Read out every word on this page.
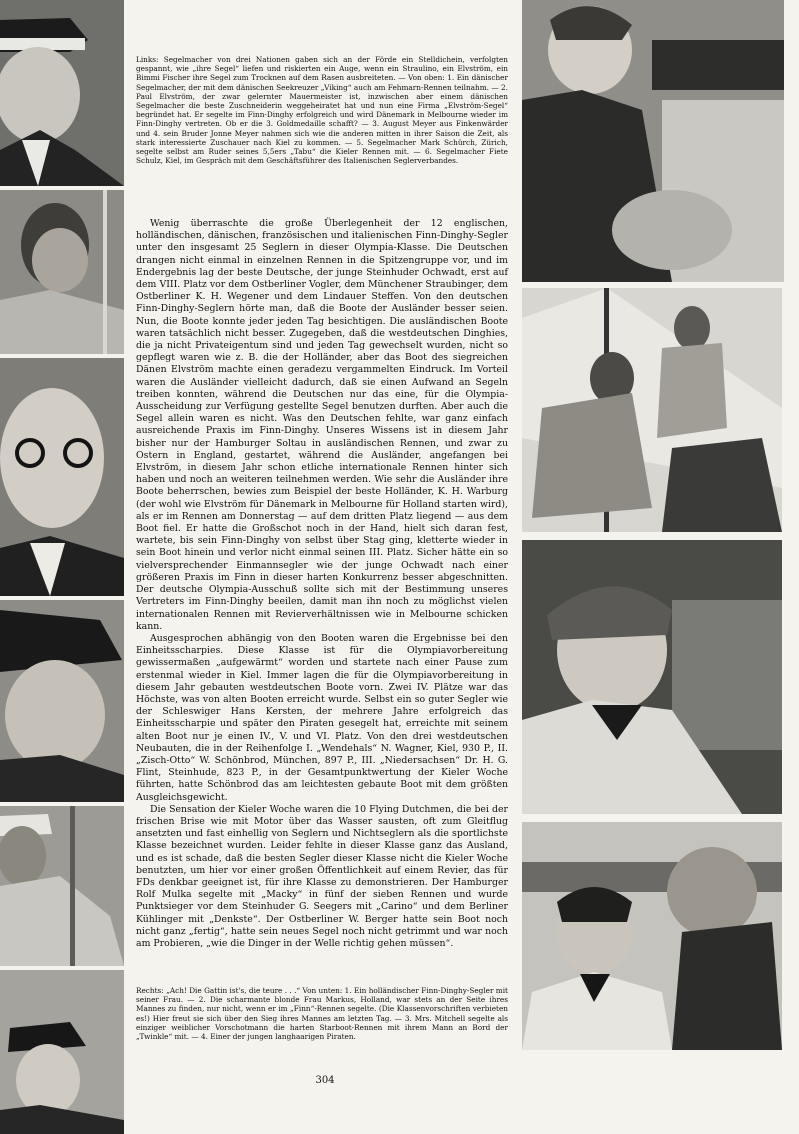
Links: Segelmacher von drei Nationen gaben sich an der Förde ein Stelldichein, verfolgten gespannt, wie „ihre Segel“ liefen und riskierten ein Auge, wenn ein Straulino, ein Elvström, ein Bimmi Fischer ihre Segel zum Trocknen auf dem Rasen ausbreiteten. — Von oben: 1. Ein dänischer Segelmacher, der mit dem dänischen Seekreuzer „Viking“ auch am Fehmarn-Rennen teilnahm. — 2. Paul Elvström, der zwar gelernter Mauermeister ist, inzwischen aber einem dänischen Segelmacher die beste Zuschneiderin weggeheiratet hat und nun eine Firma „Elvström-Segel“ begründet hat. Er segelte im Finn-Dinghy erfolgreich und wird Dänemark in Melbourne wieder im Finn-Dinghy vertreten. Ob er die 3. Goldmedaille schafft? — 3. August Meyer aus Finkenwärder und 4. sein Bruder Jonne Meyer nahmen sich wie die anderen mitten in ihrer Saison die Zeit, als stark interessierte Zuschauer nach Kiel zu kommen. — 5. Segelmacher Mark Schürch, Zürich, segelte selbst am Ruder seines 5,5ers „Tabu“ die Kieler Rennen mit. — 6. Segelmacher Fiete Schulz, Kiel, im Gespräch mit dem Geschäftsführer des Italienischen Seglerverbandes.

Wenig überraschte die große Überlegenheit der 12 englischen, holländischen, dänischen, französischen und italienischen Finn-Dinghy-Segler unter den insgesamt 25 Seglern in dieser Olympia-Klasse. Die Deutschen drangen nicht einmal in einzelnen Rennen in die Spitzengruppe vor, und im Endergebnis lag der beste Deutsche, der junge Steinhuder Ochwadt, erst auf dem VIII. Platz vor dem Ostberliner Vogler, dem Münchener Straubinger, dem Ostberliner K. H. Wegener und dem Lindauer Steffen. Von den deutschen Finn-Dinghy-Seglern hörte man, daß die Boote der Ausländer besser seien. Nun, die Boote konnte jeder jeden Tag besichtigen. Die ausländischen Boote waren tatsächlich nicht besser. Zugegeben, daß die westdeutschen Dinghies, die ja nicht Privateigentum sind und jeden Tag gewechselt wurden, nicht so gepflegt waren wie z. B. die der Holländer, aber das Boot des siegreichen Dänen Elvström machte einen geradezu vergammelten Eindruck. Im Vorteil waren die Ausländer vielleicht dadurch, daß sie einen Aufwand an Segeln treiben konnten, während die Deutschen nur das eine, für die Olympia-Ausscheidung zur Verfügung gestellte Segel benutzen durften. Aber auch die Segel allein waren es nicht. Was den Deutschen fehlte, war ganz einfach ausreichende Praxis im Finn-Dinghy. Unseres Wissens ist in diesem Jahr bisher nur der Hamburger Soltau in ausländischen Rennen, und zwar zu Ostern in England, gestartet, während die Ausländer, angefangen bei Elvström, in diesem Jahr schon etliche internationale Rennen hinter sich haben und noch an weiteren teilnehmen werden. Wie sehr die Ausländer ihre Boote beherrschen, bewies zum Beispiel der beste Holländer, K. H. Warburg (der wohl wie Elvström für Dänemark in Melbourne für Holland starten wird), als er im Rennen am Donnerstag — auf dem dritten Platz liegend — aus dem Boot fiel. Er hatte die Großschot noch in der Hand, hielt sich daran fest, wartete, bis sein Finn-Dinghy von selbst über Stag ging, kletterte wieder in sein Boot hinein und verlor nicht einmal seinen III. Platz. Sicher hätte ein so vielversprechender Einmannsegler wie der junge Ochwadt nach einer größeren Praxis im Finn in dieser harten Konkurrenz besser abgeschnitten. Der deutsche Olympia-Ausschuß sollte sich mit der Bestimmung unseres Vertreters im Finn-Dinghy beeilen, damit man ihn noch zu möglichst vielen internationalen Rennen mit Revierverhältnissen wie in Melbourne schicken kann.

Ausgesprochen abhängig von den Booten waren die Ergebnisse bei den Einheitsscharpies. Diese Klasse ist für die Olympiavorbereitung gewissermaßen „aufgewärmt“ worden und startete nach einer Pause zum erstenmal wieder in Kiel. Immer lagen die für die Olympiavorbereitung in diesem Jahr gebauten westdeutschen Boote vorn. Zwei IV. Plätze war das Höchste, was von alten Booten erreicht wurde. Selbst ein so guter Segler wie der Schleswiger Hans Kersten, der mehrere Jahre erfolgreich das Einheitsscharpie und später den Piraten gesegelt hat, erreichte mit seinem alten Boot nur je einen IV., V. und VI. Platz. Von den drei westdeutschen Neubauten, die in der Reihenfolge I. „Wendehals“ N. Wagner, Kiel, 930 P., II. „Zisch-Otto“ W. Schönbrod, München, 897 P., III. „Niedersachsen“ Dr. H. G. Flint, Steinhude, 823 P., in der Gesamtpunktwertung der Kieler Woche führten, hatte Schönbrod das am leichtesten gebaute Boot mit dem größten Ausgleichsgewicht.

Die Sensation der Kieler Woche waren die 10 Flying Dutchmen, die bei der frischen Brise wie mit Motor über das Wasser sausten, oft zum Gleitflug ansetzten und fast einhellig von Seglern und Nichtseglern als die sportlichste Klasse bezeichnet wurden. Leider fehlte in dieser Klasse ganz das Ausland, und es ist schade, daß die besten Segler dieser Klasse nicht die Kieler Woche benutzten, um hier vor einer großen Öffentlichkeit auf einem Revier, das für FDs denkbar geeignet ist, für ihre Klasse zu demonstrieren. Der Hamburger Rolf Mulka segelte mit „Macky“ in fünf der sieben Rennen und wurde Punktsieger vor dem Steinhuder G. Seegers mit „Carino“ und dem Berliner Kühlinger mit „Denkste“. Der Ostberliner W. Berger hatte sein Boot noch nicht ganz „fertig“, hatte sein neues Segel noch nicht getrimmt und war noch am Probieren, „wie die Dinger in der Welle richtig gehen müssen“.

Rechts: „Ach! Die Gattin ist's, die teure . . .“ Von unten: 1. Ein holländischer Finn-Dinghy-Segler mit seiner Frau. — 2. Die scharmante blonde Frau Markus, Holland, war stets an der Seite ihres Mannes zu finden, nur nicht, wenn er im „Finn“-Rennen segelte. (Die Klassenvorschriften verbieten es!) Hier freut sie sich über den Sieg ihres Mannes am letzten Tag. — 3. Mrs. Mitchell segelte als einziger weiblicher Vorschotmann die harten Starboot-Rennen mit ihrem Mann an Bord der „Twinkle“ mit. — 4. Einer der jungen langhaarigen Piraten.
304
